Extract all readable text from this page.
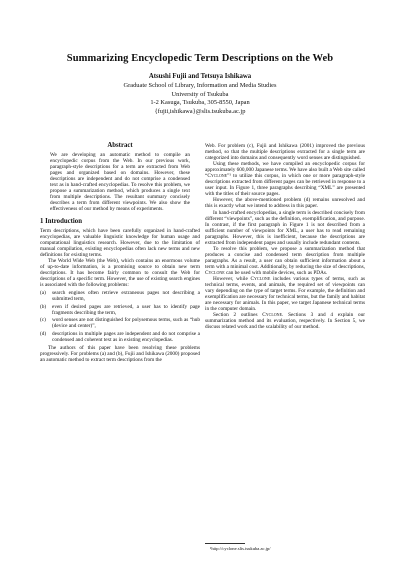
Summarizing Encyclopedic Term Descriptions on the Web
Atsushi Fujii and Tetsuya Ishikawa
Graduate School of Library, Information and Media Studies
University of Tsukuba
1-2 Kasuga, Tsukuba, 305-8550, Japan
{fujii,ishikawa}@slis.tsukuba.ac.jp
Abstract

We are developing an automatic method to compile an encyclopedic corpus from the Web. In our previous work, paragraph-style descriptions for a term are extracted from Web pages and organized based on domains. However, these descriptions are independent and do not comprise a condensed text as in hand-crafted encyclopedias. To resolve this problem, we propose a summarization method, which produces a single text from multiple descriptions. The resultant summary concisely describes a term from different viewpoints. We also show the effectiveness of our method by means of experiments.

1 Introduction

Term descriptions, which have been carefully organized in hand-crafted encyclopedias, are valuable linguistic knowledge for human usage and computational linguistics research. However, due to the limitation of manual compilation, existing encyclopedias often lack new terms and new definitions for existing terms.

The World Wide Web (the Web), which contains an enormous volume of up-to-date information, is a promising source to obtain new term descriptions. It has become fairly common to consult the Web for descriptions of a specific term. However, the use of existing search engines is associated with the following problems:

(a) search engines often retrieve extraneous pages not describing a submitted term,
(b) even if desired pages are retrieved, a user has to identify page fragments describing the term,
(c) word senses are not distinguished for polysemous terms, such as “hub (device and center)”,
(d) descriptions in multiple pages are independent and do not comprise a condensed and coherent text as in existing encyclopedias.

The authors of this paper have been resolving these problems progressively. For problems (a) and (b), Fujii and Ishikawa (2000) proposed an automatic method to extract term descriptions from the

Web. For problem (c), Fujii and Ishikawa (2001) improved the previous method, so that the multiple descriptions extracted for a single term are categorized into domains and consequently word senses are distinguished.

Using these methods, we have compiled an encyclopedic corpus for approximately 600,000 Japanese terms. We have also built a Web site called “Cyclone”¹ to utilize this corpus, in which one or more paragraph-style descriptions extracted from different pages can be retrieved in response to a user input. In Figure 1, three paragraphs describing “XML” are presented with the titles of their source pages.

However, the above-mentioned problem (d) remains unresolved and this is exactly what we intend to address in this paper.

In hand-crafted encyclopedias, a single term is described concisely from different “viewpoints”, such as the definition, exemplification, and purpose. In contrast, if the first paragraph in Figure 1 is not described from a sufficient number of viewpoints for XML, a user has to read remaining paragraphs. However, this is inefficient, because the descriptions are extracted from independent pages and usually include redundant contents.

To resolve this problem, we propose a summarization method that produces a concise and condensed term description from multiple paragraphs. As a result, a user can obtain sufficient information about a term with a minimal cost. Additionally, by reducing the size of descriptions, Cyclone can be used with mobile devices, such as PDAs.

However, while Cyclone includes various types of terms, such as technical terms, events, and animals, the required set of viewpoints can vary depending on the type of target terms. For example, the definition and exemplification are necessary for technical terms, but the family and habitat are necessary for animals. In this paper, we target Japanese technical terms in the computer domain.

Section 2 outlines Cyclone. Sections 3 and 4 explain our summarization method and its evaluation, respectively. In Section 5, we discuss related work and the scalability of our method.

¹http://cyclone.slis.tsukuba.ac.jp/
